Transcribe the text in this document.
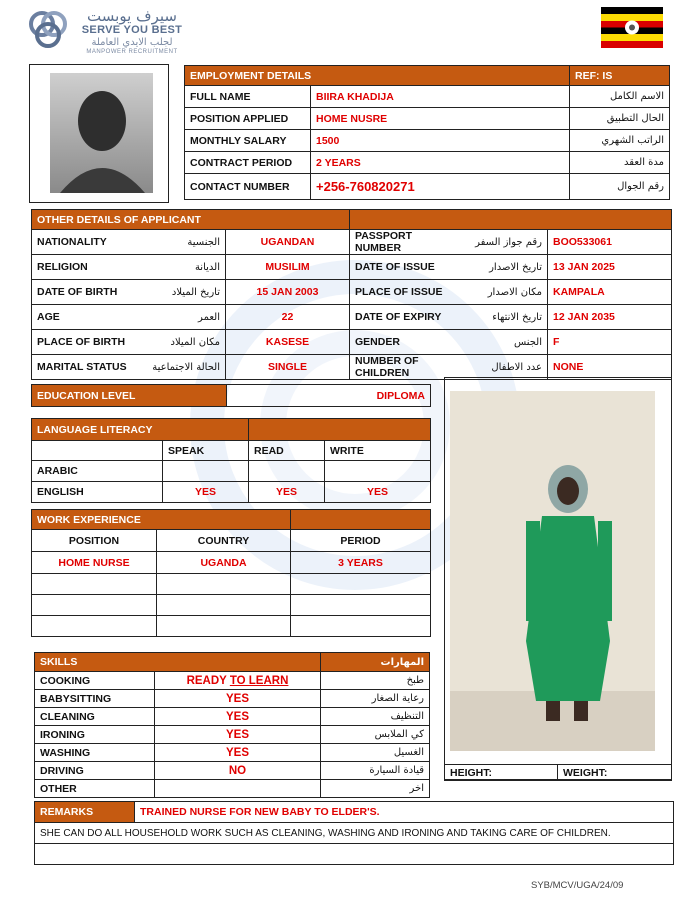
سيرف يوبست
SERVE YOU BEST
لجلب الايدي العاملة
MANPOWER RECRUITMENT
EMPLOYMENT DETAILS		REF: IS
FULL NAME	BIIRA KHADIJA	الاسم الكامل
POSITION APPLIED	HOME NUSRE	الحال التطبيق
MONTHLY SALARY	1500	الراتب الشهري
CONTRACT PERIOD	2 YEARS	مدة العقد
CONTACT NUMBER	+256-760820271	رقم الجوال
OTHER DETAILS OF APPLICANT					
NATIONALITY	الجنسية	UGANDAN	PASSPORT NUMBER	رقم جواز السفر	BOO533061
RELIGION	الديانة	MUSILIM	DATE OF ISSUE	تاريخ الاصدار	13 JAN 2025
DATE OF BIRTH	تاريخ الميلاد	15 JAN 2003	PLACE OF ISSUE	مكان الاصدار	KAMPALA
AGE	العمر	22	DATE OF EXPIRY	تاريخ الانتهاء	12 JAN 2035
PLACE OF BIRTH	مكان الميلاد	KASESE	GENDER	الجنس	F
MARITAL STATUS	الحالة الاجتماعية	SINGLE	NUMBER OF CHILDREN	عدد الاطفال	NONE
EDUCATION LEVEL	DIPLOMA
LANGUAGE LITERACY			
	SPEAK	READ	WRITE
ARABIC			
ENGLISH	YES	YES	YES
WORK EXPERIENCE		
POSITION	COUNTRY	PERIOD
HOME NURSE	UGANDA	3 YEARS

SKILLS		المهارات
COOKING	READY TO LEARN	طبخ
BABYSITTING	YES	رعاية الصغار
CLEANING	YES	التنظيف
IRONING	YES	كي الملابس
WASHING	YES	الغسيل
DRIVING	NO	قيادة السيارة
OTHER		اخر
HEIGHT:	WEIGHT:
REMARKS	TRAINED NURSE FOR NEW BABY TO ELDER'S.
SHE CAN DO ALL HOUSEHOLD WORK SUCH AS CLEANING, WASHING AND IRONING AND TAKING CARE OF CHILDREN.

SYB/MCV/UGA/24/09
